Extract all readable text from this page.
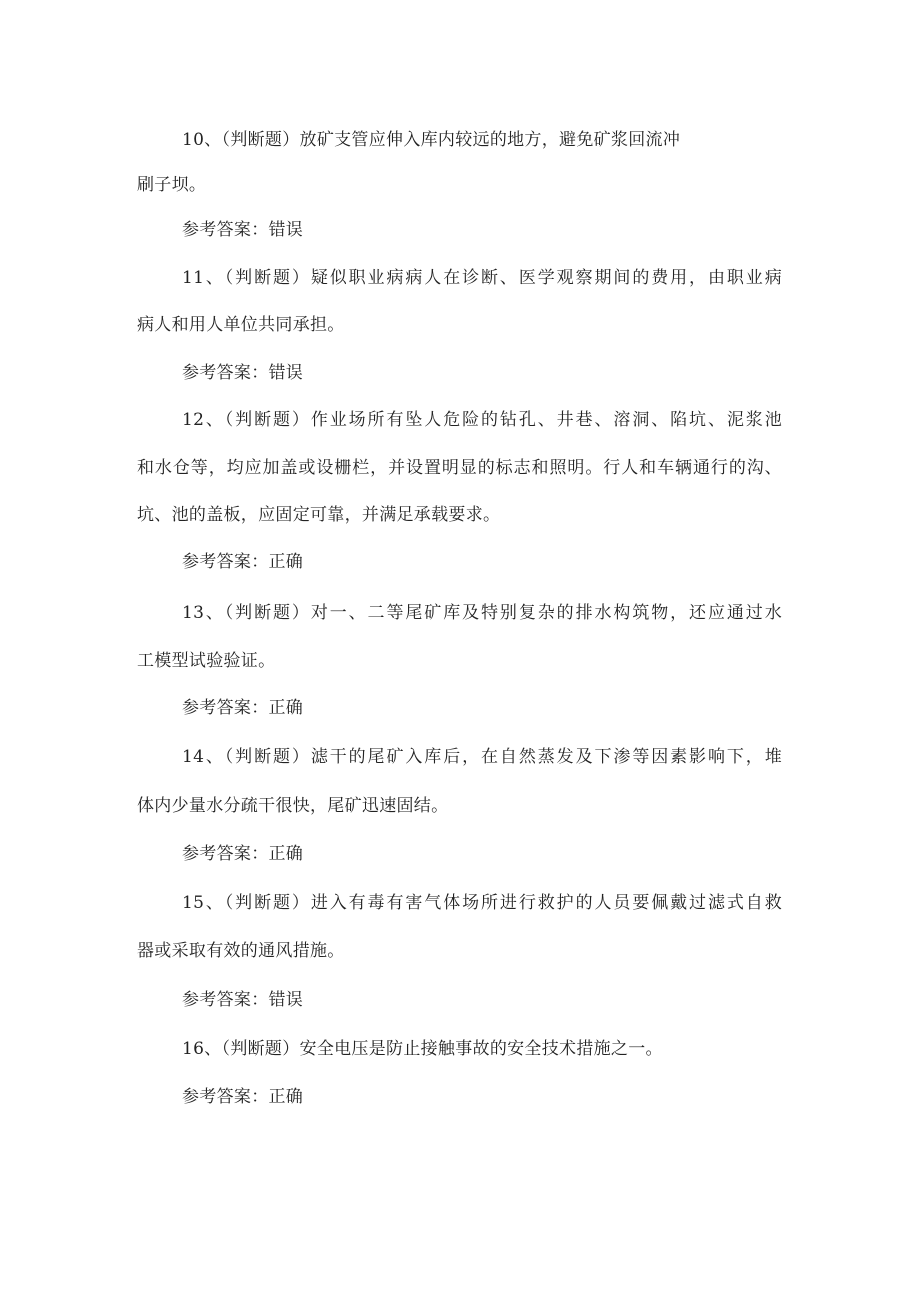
10、（判断题）放矿支管应伸入库内较远的地方，避免矿浆回流冲
刷子坝。
参考答案：错误
11、（判断题）疑似职业病病人在诊断、医学观察期间的费用，由职业病
病人和用人单位共同承担。
参考答案：错误
12、（判断题）作业场所有坠人危险的钻孔、井巷、溶洞、陷坑、泥浆池
和水仓等，均应加盖或设栅栏，并设置明显的标志和照明。行人和车辆通行的沟、
坑、池的盖板，应固定可靠，并满足承载要求。
参考答案：正确
13、（判断题）对一、二等尾矿库及特别复杂的排水构筑物，还应通过水
工模型试验验证。
参考答案：正确
14、（判断题）滤干的尾矿入库后，在自然蒸发及下渗等因素影响下，堆
体内少量水分疏干很快，尾矿迅速固结。
参考答案：正确
15、（判断题）进入有毒有害气体场所进行救护的人员要佩戴过滤式自救
器或采取有效的通风措施。
参考答案：错误
16、（判断题）安全电压是防止接触事故的安全技术措施之一。
参考答案：正确
